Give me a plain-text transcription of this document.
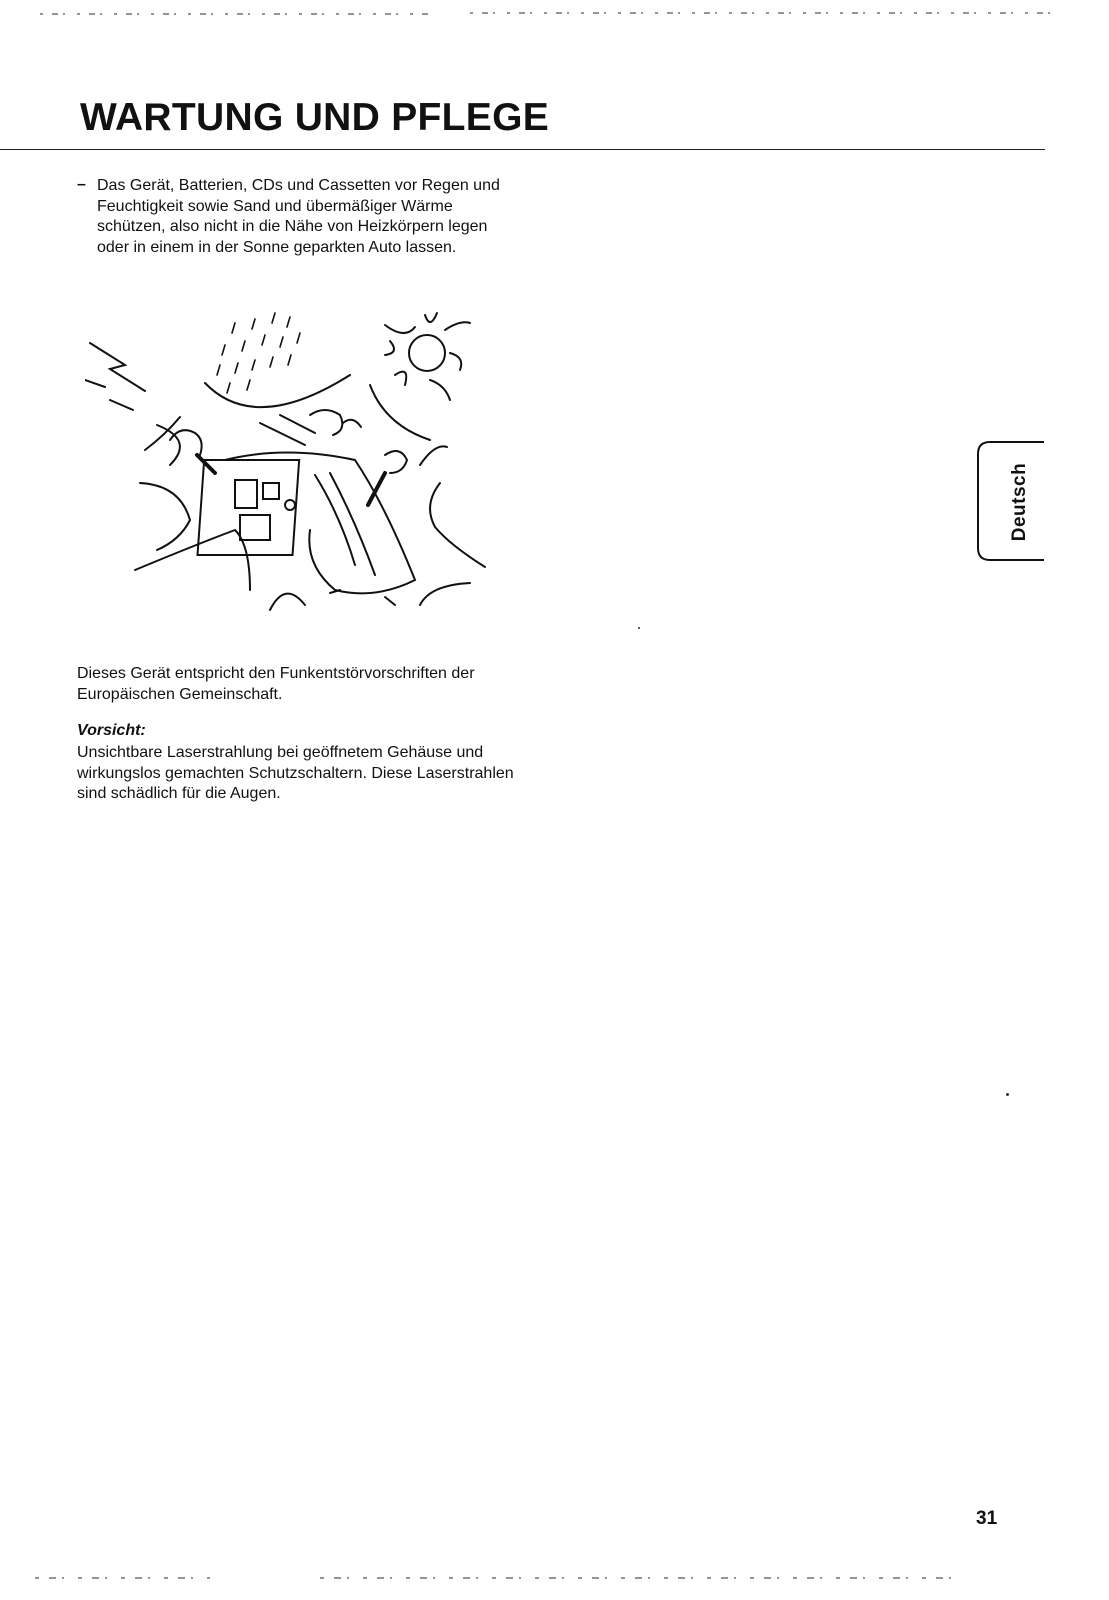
WARTUNG UND PFLEGE
– Das Gerät, Batterien, CDs und Cassetten vor Regen und Feuchtigkeit sowie Sand und übermäßiger Wärme schützen, also nicht in die Nähe von Heizkörpern legen oder in einem in der Sonne geparkten Auto lassen.

Dieses Gerät entspricht den Funkentstörvorschriften der Europäischen Gemeinschaft.

Vorsicht:

Unsichtbare Laserstrahlung bei geöffnetem Gehäuse und wirkungslos gemachten Schutzschaltern. Diese Laserstrahlen sind schädlich für die Augen.

Deutsch

31
